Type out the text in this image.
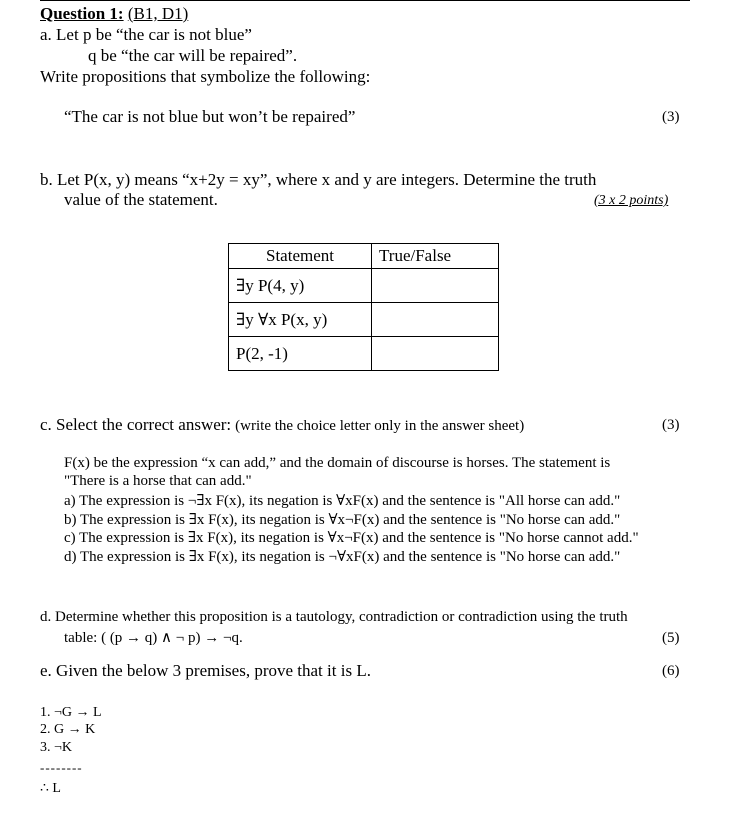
Question 1: (B1, D1)
a. Let p be “the car is not blue”
q be “the car will be repaired”.
Write propositions that symbolize the following:
“The car is not blue but won’t be repaired”	(3)
b. Let P(x, y) means “x+2y = xy”, where x and y are integers. Determine the truth
value of the statement.	(3 x 2 points)
Statement	True/False
∃y P(4, y)	
∃y ∀x P(x, y)	
P(2, -1)	
c. Select the correct answer: (write the choice letter only in the answer sheet)	(3)
F(x) be the expression “x can add,” and the domain of discourse is horses. The statement is
"There is a horse that can add."
a) The expression is ¬∃x F(x), its negation is ∀xF(x) and the sentence is "All horse can add."
b) The expression is ∃x F(x), its negation is ∀x¬F(x) and the sentence is "No horse can add."
c) The expression is ∃x F(x), its negation is ∀x¬F(x) and the sentence is "No horse cannot add."
d) The expression is ∃x F(x), its negation is ¬∀xF(x) and the sentence is "No horse can add."
d. Determine whether this proposition is a tautology, contradiction or contradiction using the truth
table: ( (p → q) ∧ ¬ p) → ¬q.	(5)
e. Given the below 3 premises, prove that it is L.	(6)
1. ¬G → L
2. G → K
3. ¬K
--------
∴ L
